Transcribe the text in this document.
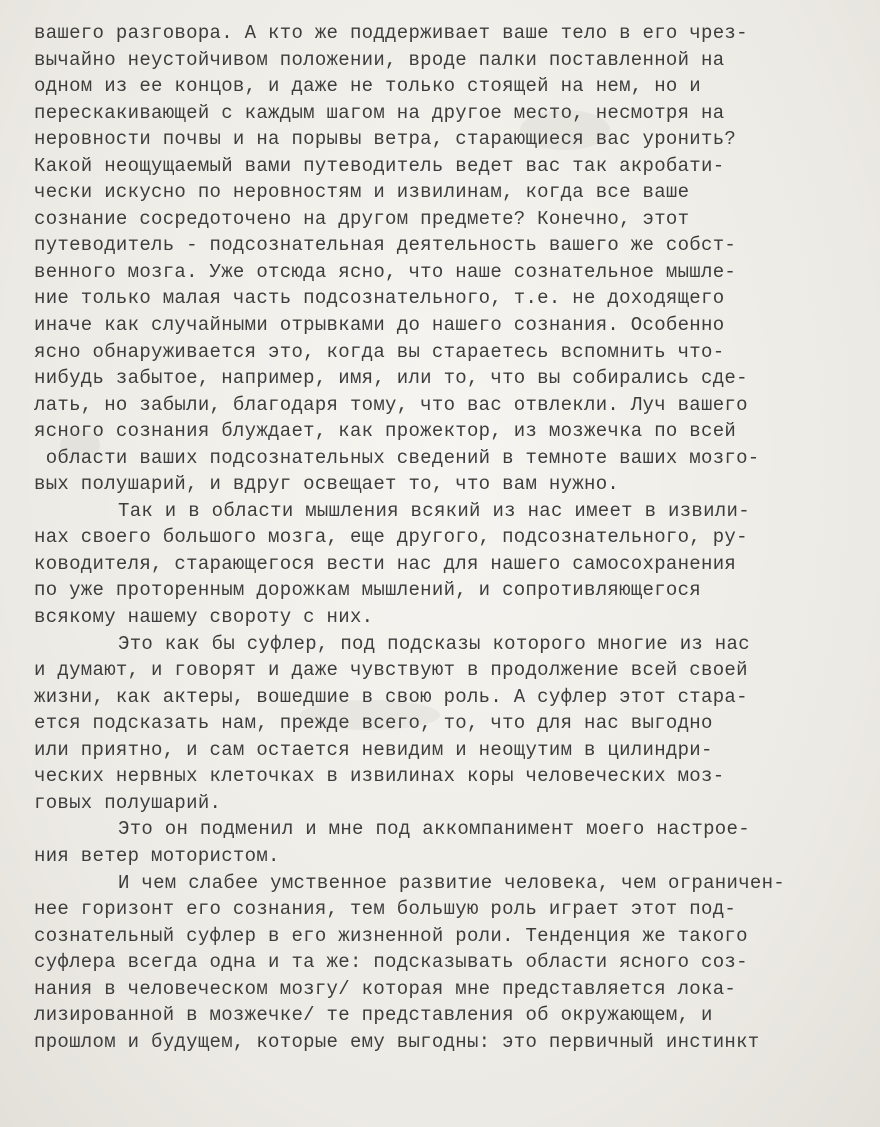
вашего разговора. А кто же поддерживает ваше тело в его чрез-
вычайно неустойчивом положении, вроде палки поставленной на
одном из ее концов, и даже не только стоящей на нем, но и
перескакивающей с каждым шагом на другое место, несмотря на
неровности почвы и на порывы ветра, старающиеся вас уронить?
Какой неощущаемый вами путеводитель ведет вас так акробати-
чески искусно по неровностям и извилинам, когда все ваше
сознание сосредоточено на другом предмете? Конечно, этот
путеводитель - подсознательная деятельность вашего же собст-
венного мозга. Уже отсюда ясно, что наше сознательное мышле-
ние только малая часть подсознательного, т.е. не доходящего
иначе как случайными отрывками до нашего сознания. Особенно
ясно обнаруживается это, когда вы стараетесь вспомнить что-
нибудь забытое, например, имя, или то, что вы собирались сде-
лать, но забыли, благодаря тому, что вас отвлекли. Луч вашего
ясного сознания блуждает, как прожектор, из мозжечка по всей
области ваших подсознательных сведений в темноте ваших мозго-
вых полушарий, и вдруг освещает то, что вам нужно.
Так и в области мышления всякий из нас имеет в извили-
нах своего большого мозга, еще другого, подсознательного, ру-
ководителя, старающегося вести нас для нашего самосохранения
по уже проторенным дорожкам мышлений, и сопротивляющегося
всякому нашему свороту с них.
Это как бы суфлер, под подсказы которого многие из нас
и думают, и говорят и даже чувствуют в продолжение всей своей
жизни, как актеры, вошедшие в свою роль. А суфлер этот стара-
ется подсказать нам, прежде всего, то, что для нас выгодно
или приятно, и сам остается невидим и неощутим в цилиндри-
ческих нервных клеточках в извилинах коры человеческих моз-
говых полушарий.
Это он подменил и мне под аккомпанимент моего настрое-
ния ветер мотористом.
И чем слабее умственное развитие человека, чем ограничен-
нее горизонт его сознания, тем большую роль играет этот под-
сознательный суфлер в его жизненной роли. Тенденция же такого
суфлера всегда одна и та же: подсказывать области ясного соз-
нания в человеческом мозгу/ которая мне представляется лока-
лизированной в мозжечке/ те представления об окружающем, и
прошлом и будущем, которые ему выгодны: это первичный инстинкт
